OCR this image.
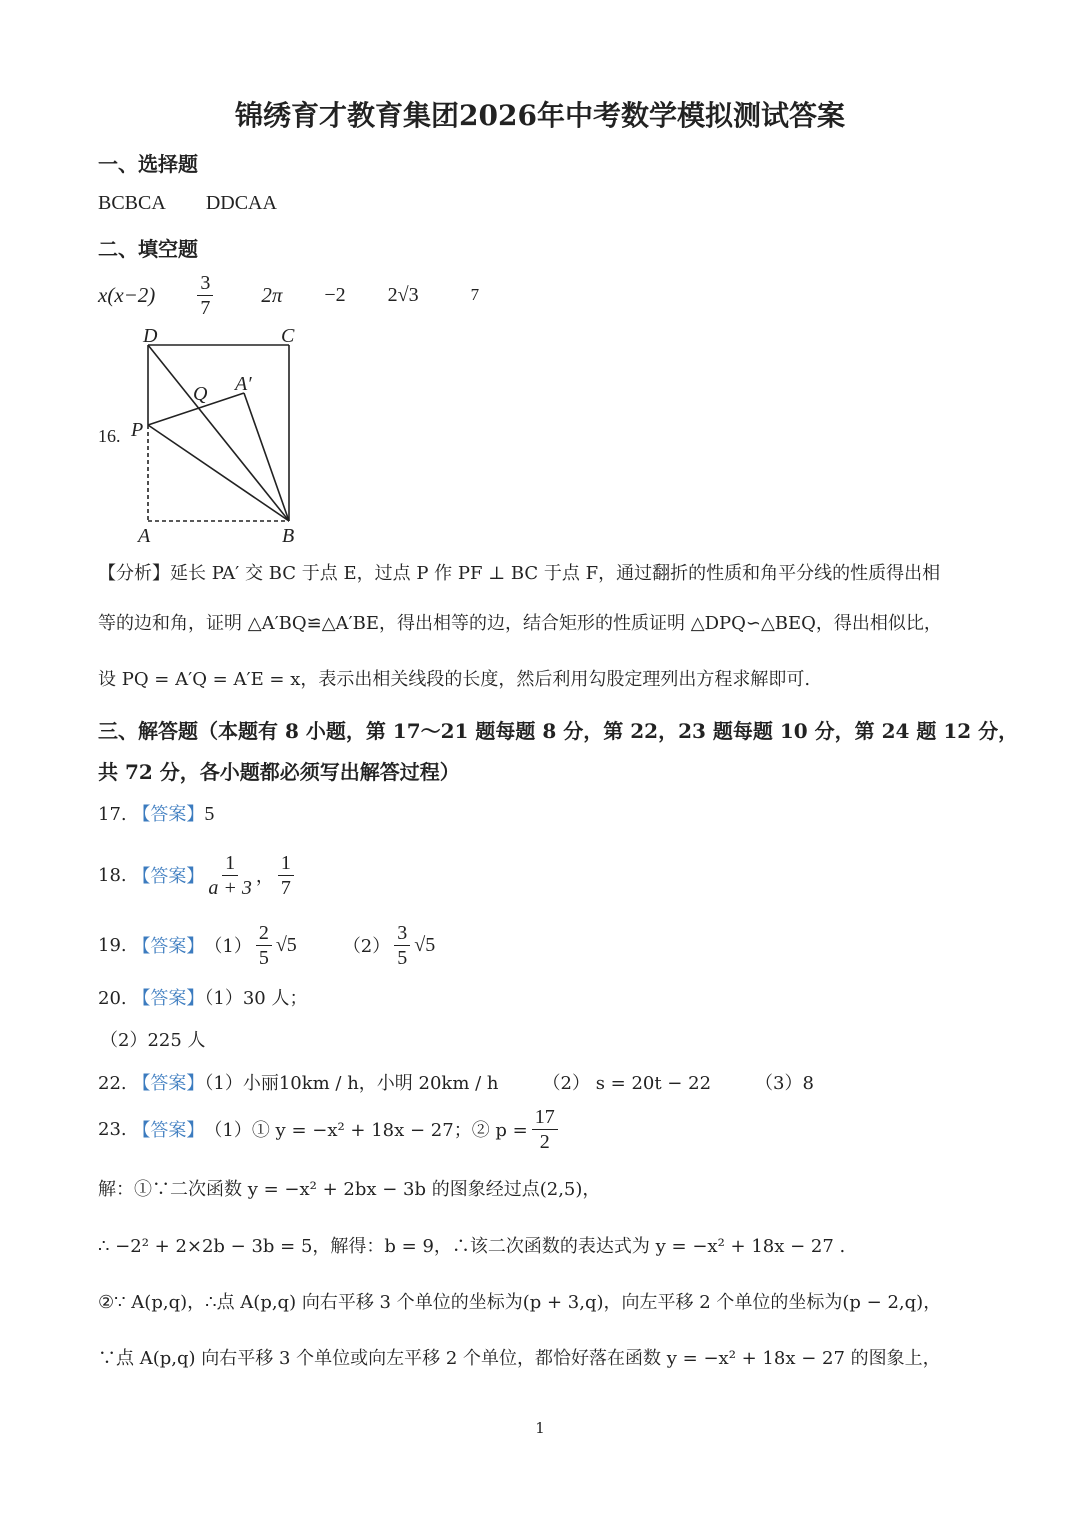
锦绣育才教育集团2026年中考数学模拟测试答案
一、选择题
BCBCA DDCAA
二、填空题
$x(x-2) \frac{3}{7} 2\pi -2$ 2√3	7
16.
D	C
A′
Q
P
A	B
【分析】延长 PA′ 交 BC 于点 E，过点 P 作 PF ⊥ BC 于点 F，通过翻折的性质和角平分线的性质得出相
等的边和角，证明 △A′BQ≌△A′BE，得出相等的边，结合矩形的性质证明 △DPQ∽△BEQ，得出相似比，
设 PQ = A′Q = A′E = x，表示出相关线段的长度，然后利用勾股定理列出方程求解即可.
三、解答题（本题有 8 小题，第 17～21 题每题 8 分，第 22，23 题每题 10 分，第 24 题 12 分，
共 72 分，各小题都必须写出解答过程）
17. 【答案】5
18.
【答案】 $\frac{1}{a + 3}$ ， $\frac{1}{7}$
19.
【答案】 $(1) \frac{2}{5} √5$	$(2) \frac{3}{5} √5$
20. 【答案】（1）30 人；
（2）225 人
22. 【答案】（1）小丽10km / h，小明 20km / h （2） s = 20t − 22 （3）8
23.
【答案】 （1）① y = −x² + 18x − 27；② $p = \frac{17}{2}$
解：①∵二次函数 y = −x² + 2bx − 3b 的图象经过点(2,5)，
∴ −2² + 2×2b − 3b = 5，解得：b = 9，∴该二次函数的表达式为 y = −x² + 18x − 27 .
②∵ A(p,q)，∴点 A(p,q) 向右平移 3 个单位的坐标为(p + 3,q)，向左平移 2 个单位的坐标为(p − 2,q)，
∵点 A(p,q) 向右平移 3 个单位或向左平移 2 个单位，都恰好落在函数 y = −x² + 18x − 27 的图象上，
1
